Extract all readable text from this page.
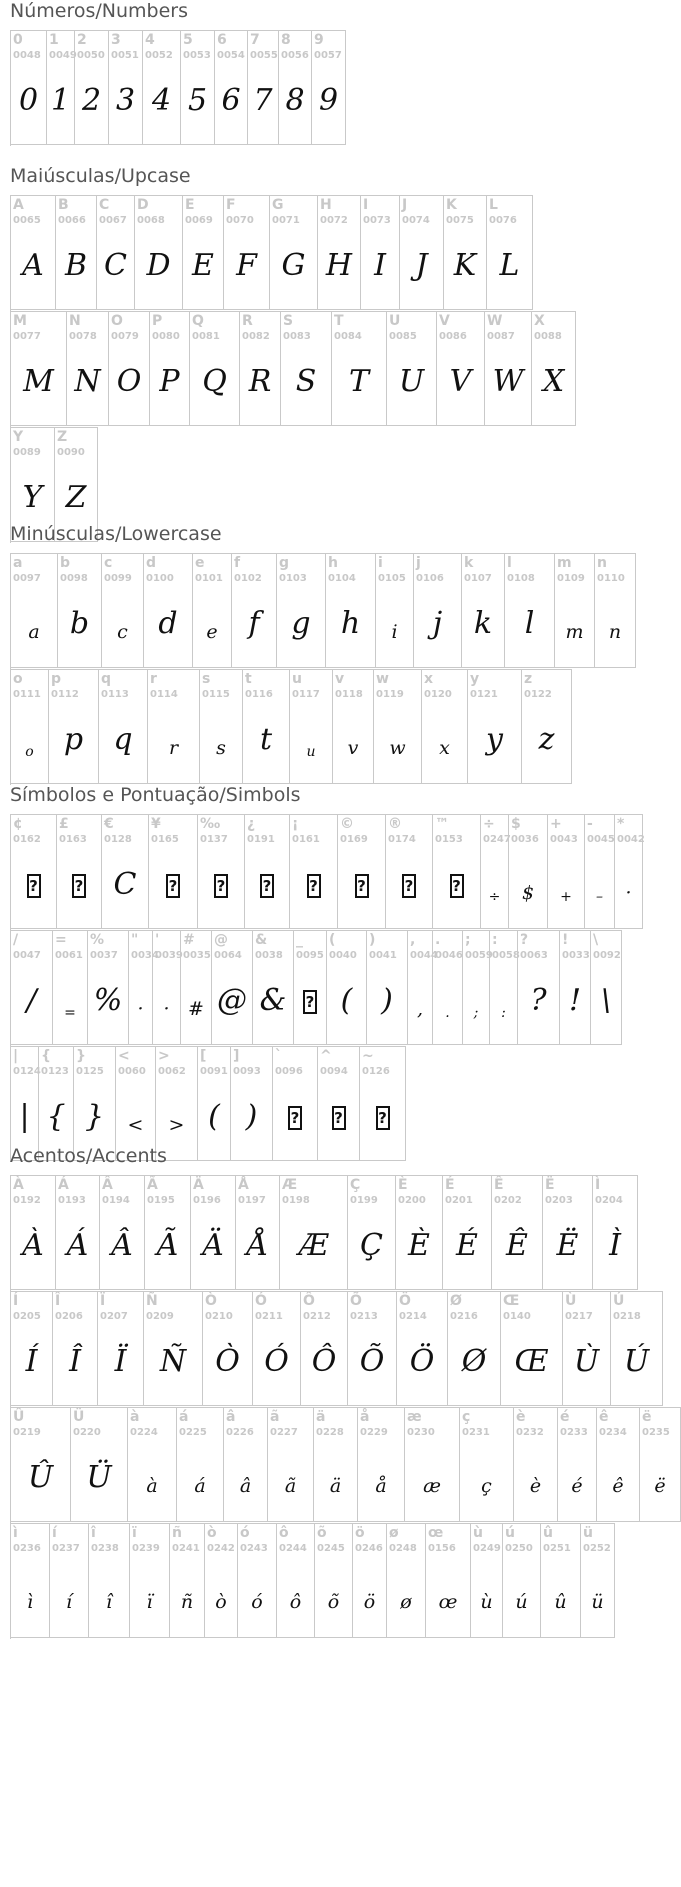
Números/Numbers
0
0048
0
1
0049
1
2
0050
2
3
0051
3
4
0052
4
5
0053
5
6
0054
6
7
0055
7
8
0056
8
9
0057
9
Maiúsculas/Upcase
A
0065
A
B
0066
B
C
0067
C
D
0068
D
E
0069
E
F
0070
F
G
0071
G
H
0072
H
I
0073
I
J
0074
J
K
0075
K
L
0076
L
M
0077
M
N
0078
N
O
0079
O
P
0080
P
Q
0081
Q
R
0082
R
S
0083
S
T
0084
T
U
0085
U
V
0086
V
W
0087
W
X
0088
X
Y
0089
Y
Z
0090
Z
Minúsculas/Lowercase
a
0097
a
b
0098
b
c
0099
c
d
0100
d
e
0101
e
f
0102
f
g
0103
g
h
0104
h
i
0105
i
j
0106
j
k
0107
k
l
0108
l
m
0109
m
n
0110
n
o
0111
o
p
0112
p
q
0113
q
r
0114
r
s
0115
s
t
0116
t
u
0117
u
v
0118
v
w
0119
w
x
0120
x
y
0121
y
z
0122
z
Símbolos e Pontuação/Simbols
¢
0162
?
£
0163
?
€
0128
C
¥
0165
?
‰
0137
?
¿
0191
?
¡
0161
?
©
0169
?
®
0174
?
™
0153
?
÷
0247
÷
$
0036
$
+
0043
+
-
0045
–
*
0042
·
/
0047
/
=
0061
=
%
0037
%
"
0034
·
'
0039
·
#
0035
#
@
0064
@
&
0038
&
_
0095
?
(
0040
(
)
0041
)
,
0044
,
.
0046
.
;
0059
;
:
0058
:
?
0063
?
!
0033
!
\
0092
\
|
0124
|
{
0123
{
}
0125
}
<
0060
<
>
0062
>
[
0091
(
]
0093
)
`
0096
?
^
0094
?
~
0126
?
Acentos/Accents
À
0192
À
Á
0193
Á
Â
0194
Â
Ã
0195
Ã
Ä
0196
Ä
Å
0197
Å
Æ
0198
Æ
Ç
0199
Ç
È
0200
È
É
0201
É
Ê
0202
Ê
Ë
0203
Ë
Ì
0204
Ì
Í
0205
Í
Î
0206
Î
Ï
0207
Ï
Ñ
0209
Ñ
Ò
0210
Ò
Ó
0211
Ó
Ô
0212
Ô
Õ
0213
Õ
Ö
0214
Ö
Ø
0216
Ø
Œ
0140
Œ
Ù
0217
Ù
Ú
0218
Ú
Û
0219
Û
Ü
0220
Ü
à
0224
à
á
0225
á
â
0226
â
ã
0227
ã
ä
0228
ä
å
0229
å
æ
0230
æ
ç
0231
ç
è
0232
è
é
0233
é
ê
0234
ê
ë
0235
ë
ì
0236
ì
í
0237
í
î
0238
î
ï
0239
ï
ñ
0241
ñ
ò
0242
ò
ó
0243
ó
ô
0244
ô
õ
0245
õ
ö
0246
ö
ø
0248
ø
œ
0156
œ
ù
0249
ù
ú
0250
ú
û
0251
û
ü
0252
ü
